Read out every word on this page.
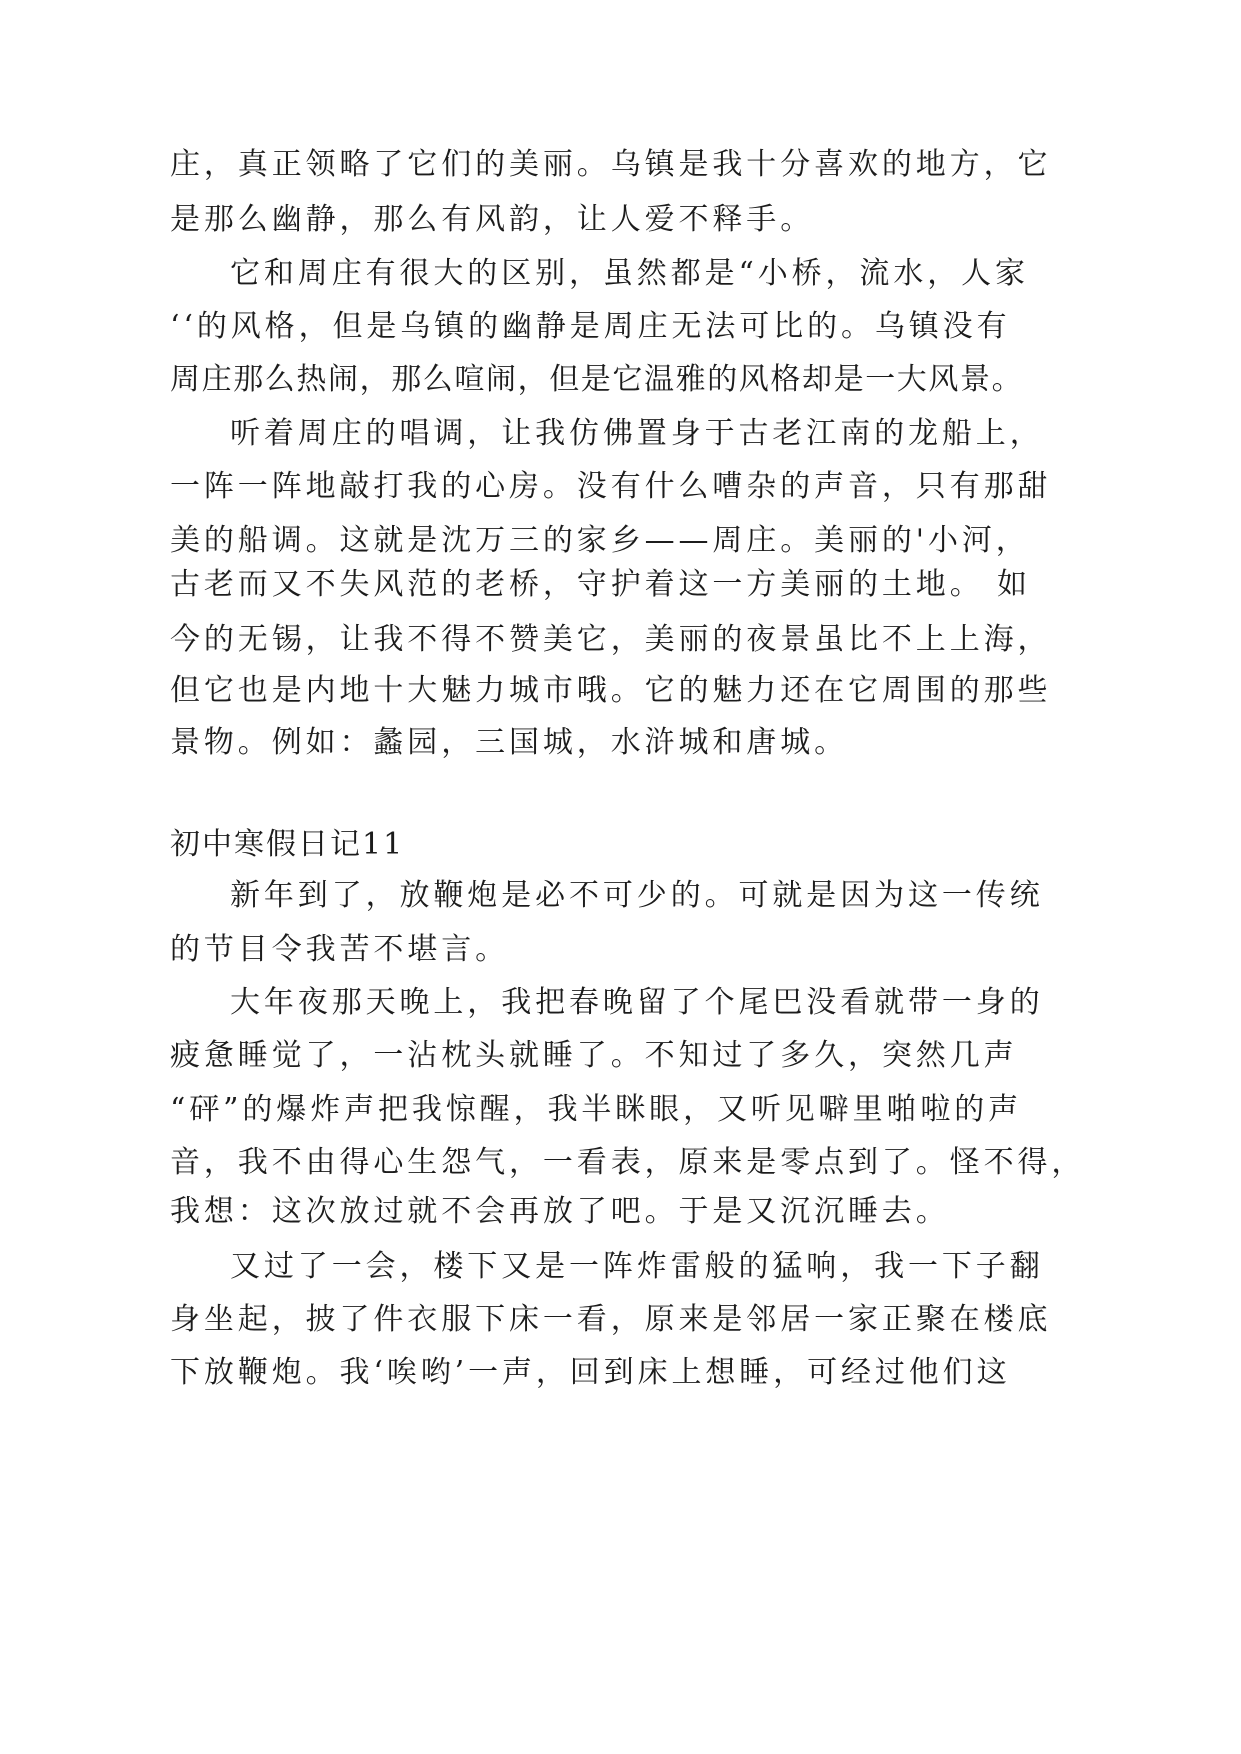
庄，真正领略了它们的美丽。乌镇是我十分喜欢的地方，它

是那么幽静，那么有风韵，让人爱不释手。

它和周庄有很大的区别，虽然都是“小桥，流水，人家

‘‘的风格，但是乌镇的幽静是周庄无法可比的。乌镇没有

周庄那么热闹，那么喧闹，但是它温雅的风格却是一大风景。

听着周庄的唱调，让我仿佛置身于古老江南的龙船上，

一阵一阵地敲打我的心房。没有什么嘈杂的声音，只有那甜

美的船调。这就是沈万三的家乡——周庄。美丽的'小河，

古老而又不失风范的老桥，守护着这一方美丽的土地。 如

今的无锡，让我不得不赞美它，美丽的夜景虽比不上上海，

但它也是内地十大魅力城市哦。它的魅力还在它周围的那些

景物。例如：蠡园，三国城，水浒城和唐城。

初中寒假日记11

新年到了，放鞭炮是必不可少的。可就是因为这一传统

的节目令我苦不堪言。

大年夜那天晚上，我把春晚留了个尾巴没看就带一身的

疲惫睡觉了，一沾枕头就睡了。不知过了多久，突然几声

“砰”的爆炸声把我惊醒，我半眯眼，又听见噼里啪啦的声

音，我不由得心生怨气，一看表，原来是零点到了。怪不得，

我想：这次放过就不会再放了吧。于是又沉沉睡去。

又过了一会，楼下又是一阵炸雷般的猛响，我一下子翻

身坐起，披了件衣服下床一看，原来是邻居一家正聚在楼底

下放鞭炮。我‘唉哟’一声，回到床上想睡，可经过他们这
